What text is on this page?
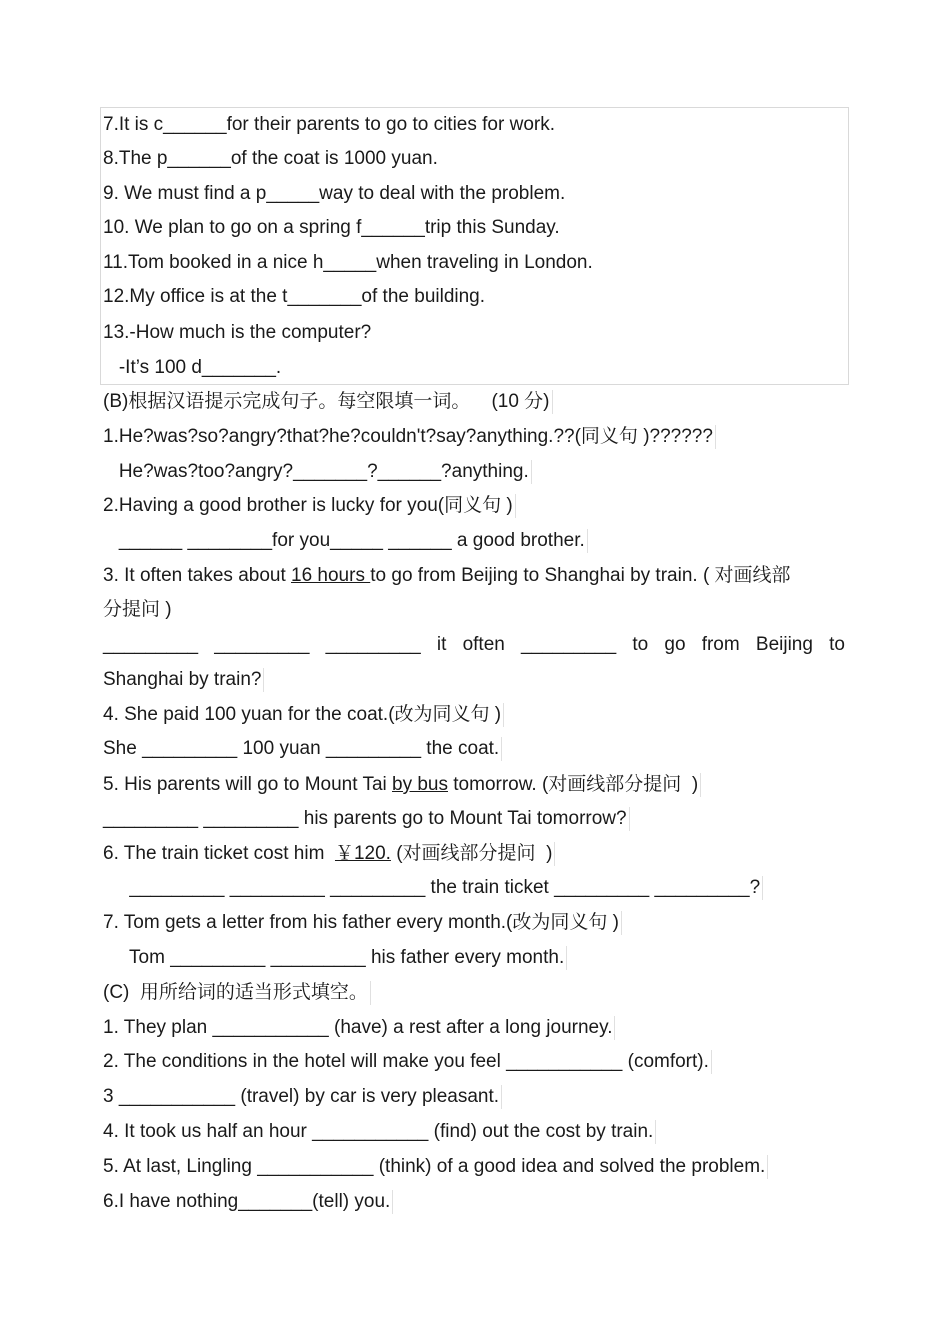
7.It is c______for their parents to go to cities for work.
8.The p______of the coat is 1000 yuan.
9. We must find a p_____way to deal with the problem.
10. We plan to go on a spring f______trip this Sunday.
11.Tom booked in a nice h_____when traveling in London.
12.My office is at the t_______of the building.
13.-How much is the computer?
-It’s 100 d_______.
(B)根据汉语提示完成句子。每空限填一词。    (10 分)
1.He?was?so?angry?that?he?couldn't?say?anything.??(同义句 )??????
He?was?too?angry?_______?______?anything.
2.Having a good brother is lucky for you(同义句 )
______ ________for you_____ ______ a good brother.
3. It often takes about 16 hours to go from Beijing to Shanghai by train. ( 对画线部
分提问 )
_________ _________ _________ it often _________ to go from Beijing to
Shanghai by train?
4. She paid 100 yuan for the coat.(改为同义句 )
She _________ 100 yuan _________ the coat.
5. His parents will go to Mount Tai by bus tomorrow. (对画线部分提问  )
_________ _________ his parents go to Mount Tai tomorrow?
6. The train ticket cost him  ￥120. (对画线部分提问  )
_________ _________ _________ the train ticket _________ _________?
7. Tom gets a letter from his father every month.(改为同义句 )
Tom _________ _________ his father every month.
(C)  用所给词的适当形式填空。
1. They plan ___________ (have) a rest after a long journey.
2. The conditions in the hotel will make you feel ___________ (comfort).
3 ___________ (travel) by car is very pleasant.
4. It took us half an hour ___________ (find) out the cost by train.
5. At last, Lingling ___________ (think) of a good idea and solved the problem.
6.I have nothing_______(tell) you.
